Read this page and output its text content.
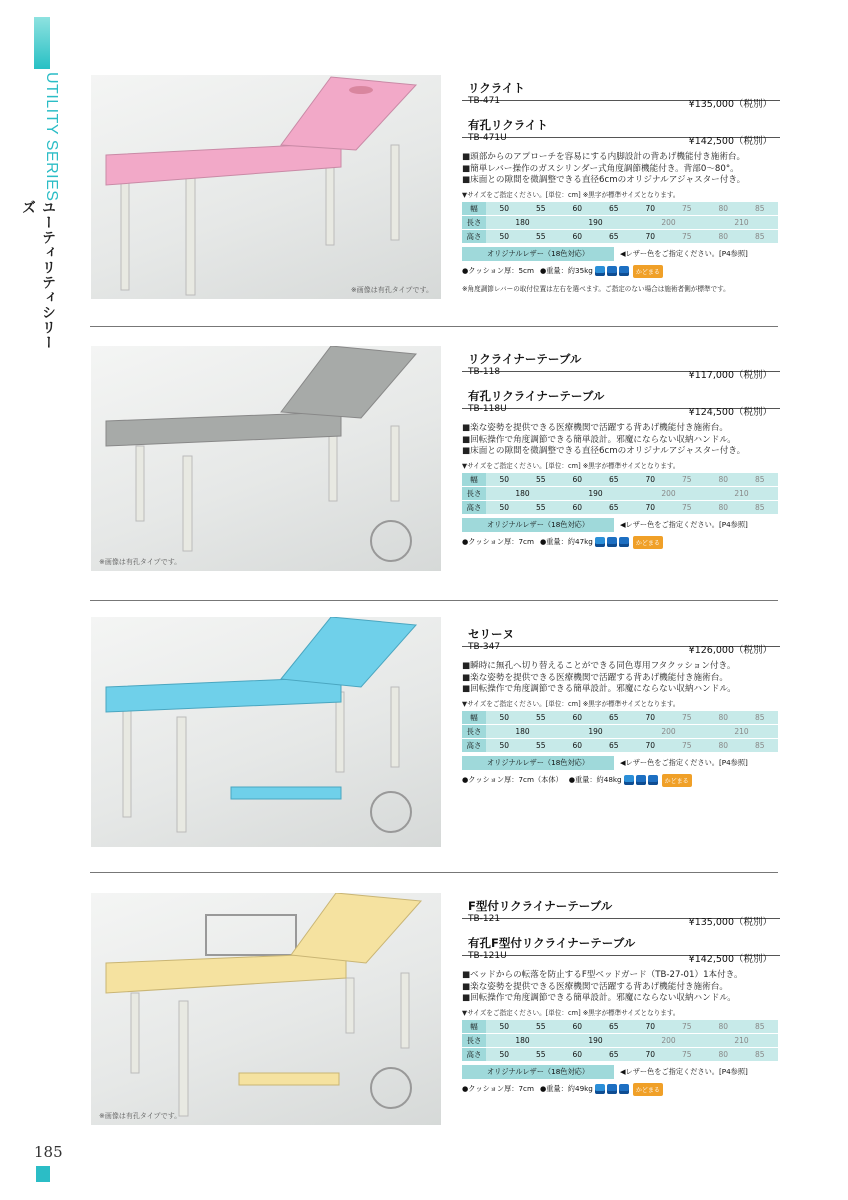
UTILITY SERIES
ユーティリティシリーズ
185
※画像は有孔タイプです。
※画像は有孔タイプです。
※画像は有孔タイプです。
リクライト
TB-471	¥135,000（税別）
有孔リクライト
TB-471U	¥142,500（税別）
■頭部からのアプローチを容易にする内脚設計の背あげ機能付き施術台。
■簡単レバー操作のガスシリンダー式角度調節機能付き。背部0～80°。
■床面との隙間を微調整できる直径6cmのオリジナルアジャスター付き。
▼サイズをご指定ください。[単位：cm] ※黒字が標準サイズとなります。
幅	50	55	60	65	70	75	80	85
長さ	180		190		200		210	
高さ	50	55	60	65	70	75	80	85
オリジナルレザー（18色対応）	◀レザー色をご指定ください。[P4参照]
●クッション厚：5cm ●重量：約35kg	かどまる
※角度調節レバーの取付位置は左右を選べます。ご指定のない場合は施術者側が標準です。
リクライナーテーブル
TB-118	¥117,000（税別）
有孔リクライナーテーブル
TB-118U	¥124,500（税別）
■楽な姿勢を提供できる医療機関で活躍する背あげ機能付き施術台。
■回転操作で角度調節できる簡単設計。邪魔にならない収納ハンドル。
■床面との隙間を微調整できる直径6cmのオリジナルアジャスター付き。
▼サイズをご指定ください。[単位：cm] ※黒字が標準サイズとなります。
幅	50	55	60	65	70	75	80	85
長さ	180		190		200		210	
高さ	50	55	60	65	70	75	80	85
オリジナルレザー（18色対応）	◀レザー色をご指定ください。[P4参照]
●クッション厚：7cm ●重量：約47kg	かどまる
セリーヌ
TB-347	¥126,000（税別）
■瞬時に無孔へ切り替えることができる同色専用フタクッション付き。
■楽な姿勢を提供できる医療機関で活躍する背あげ機能付き施術台。
■回転操作で角度調節できる簡単設計。邪魔にならない収納ハンドル。
▼サイズをご指定ください。[単位：cm] ※黒字が標準サイズとなります。
幅	50	55	60	65	70	75	80	85
長さ	180		190		200		210	
高さ	50	55	60	65	70	75	80	85
オリジナルレザー（18色対応）	◀レザー色をご指定ください。[P4参照]
●クッション厚：7cm（本体） ●重量：約48kg	かどまる
F型付リクライナーテーブル
TB-121	¥135,000（税別）
有孔F型付リクライナーテーブル
TB-121U	¥142,500（税別）
■ベッドからの転落を防止するF型ベッドガード（TB-27-01）1本付き。
■楽な姿勢を提供できる医療機関で活躍する背あげ機能付き施術台。
■回転操作で角度調節できる簡単設計。邪魔にならない収納ハンドル。
▼サイズをご指定ください。[単位：cm] ※黒字が標準サイズとなります。
幅	50	55	60	65	70	75	80	85
長さ	180		190		200		210	
高さ	50	55	60	65	70	75	80	85
オリジナルレザー（18色対応）	◀レザー色をご指定ください。[P4参照]
●クッション厚：7cm ●重量：約49kg	かどまる
